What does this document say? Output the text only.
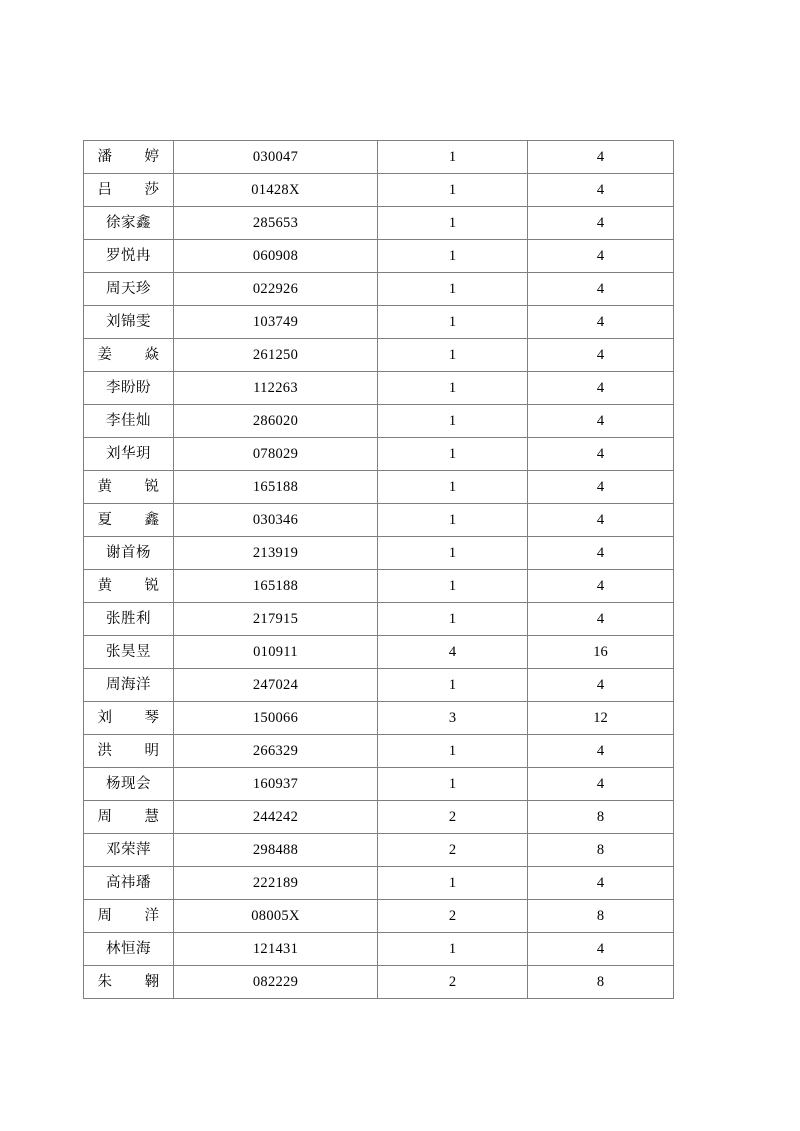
潘 婷	030047	1	4
吕 莎	01428X	1	4
徐家鑫	285653	1	4
罗悦冉	060908	1	4
周天珍	022926	1	4
刘锦雯	103749	1	4
姜 焱	261250	1	4
李盼盼	112263	1	4
李佳灿	286020	1	4
刘华玥	078029	1	4
黄 锐	165188	1	4
夏 鑫	030346	1	4
谢首杨	213919	1	4
黄 锐	165188	1	4
张胜利	217915	1	4
张昊昱	010911	4	16
周海洋	247024	1	4
刘 琴	150066	3	12
洪 明	266329	1	4
杨现会	160937	1	4
周 慧	244242	2	8
邓荣萍	298488	2	8
高祎璠	222189	1	4
周 洋	08005X	2	8
林恒海	121431	1	4
朱 翱	082229	2	8
